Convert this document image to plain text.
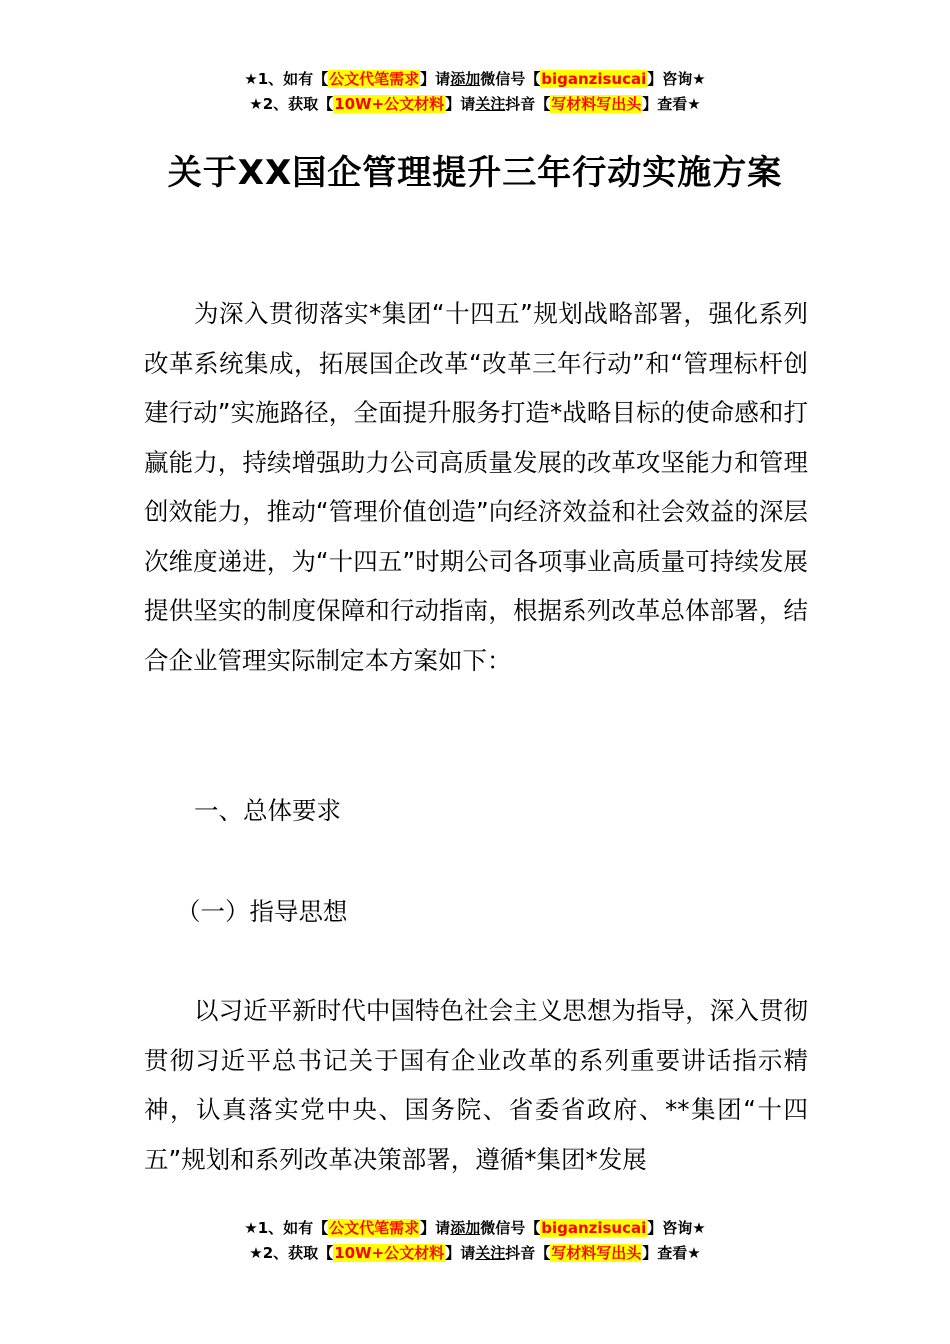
★1、如有【公文代笔需求】请添加微信号【biganzisucai】咨询★
★2、获取【10W+公文材料】请关注抖音【写材料写出头】查看★
关于XX国企管理提升三年行动实施方案

为深入贯彻落实*集团“十四五”规划战略部署，强化系列改革系统集成，拓展国企改革“改革三年行动”和“管理标杆创建行动”实施路径，全面提升服务打造*战略目标的使命感和打赢能力，持续增强助力公司高质量发展的改革攻坚能力和管理创效能力，推动“管理价值创造”向经济效益和社会效益的深层次维度递进，为“十四五”时期公司各项事业高质量可持续发展提供坚实的制度保障和行动指南，根据系列改革总体部署，结合企业管理实际制定本方案如下：

一、总体要求

（一）指导思想

以习近平新时代中国特色社会主义思想为指导，深入贯彻贯彻习近平总书记关于国有企业改革的系列重要讲话指示精神，认真落实党中央、国务院、省委省政府、**集团“十四五”规划和系列改革决策部署，遵循*集团*发展

★1、如有【公文代笔需求】请添加微信号【biganzisucai】咨询★
★2、获取【10W+公文材料】请关注抖音【写材料写出头】查看★
